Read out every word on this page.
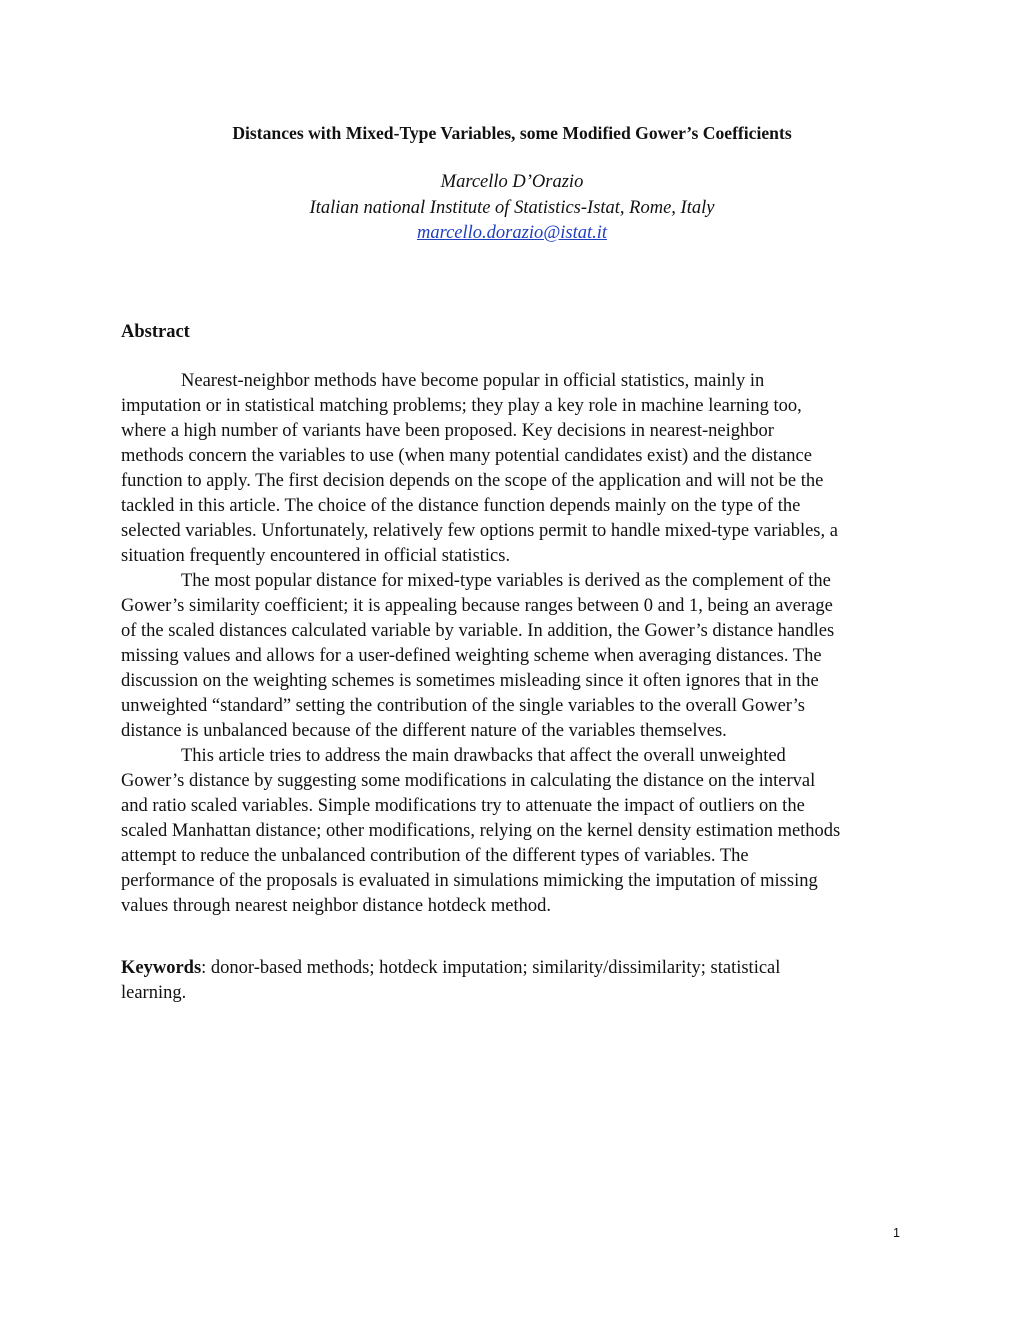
Distances with Mixed-Type Variables, some Modified Gower’s Coefficients
Marcello D’Orazio
Italian national Institute of Statistics-Istat, Rome, Italy
marcello.dorazio@istat.it
Abstract
Nearest-neighbor methods have become popular in official statistics, mainly in
imputation or in statistical matching problems; they play a key role in machine learning too,
where a high number of variants have been proposed. Key decisions in nearest-neighbor
methods concern the variables to use (when many potential candidates exist) and the distance
function to apply. The first decision depends on the scope of the application and will not be the
tackled in this article. The choice of the distance function depends mainly on the type of the
selected variables. Unfortunately, relatively few options permit to handle mixed-type variables, a
situation frequently encountered in official statistics.
The most popular distance for mixed-type variables is derived as the complement of the
Gower’s similarity coefficient; it is appealing because ranges between 0 and 1, being an average
of the scaled distances calculated variable by variable. In addition, the Gower’s distance handles
missing values and allows for a user-defined weighting scheme when averaging distances. The
discussion on the weighting schemes is sometimes misleading since it often ignores that in the
unweighted “standard” setting the contribution of the single variables to the overall Gower’s
distance is unbalanced because of the different nature of the variables themselves.
This article tries to address the main drawbacks that affect the overall unweighted
Gower’s distance by suggesting some modifications in calculating the distance on the interval
and ratio scaled variables. Simple modifications try to attenuate the impact of outliers on the
scaled Manhattan distance; other modifications, relying on the kernel density estimation methods
attempt to reduce the unbalanced contribution of the different types of variables. The
performance of the proposals is evaluated in simulations mimicking the imputation of missing
values through nearest neighbor distance hotdeck method.
Keywords: donor-based methods; hotdeck imputation; similarity/dissimilarity; statistical
learning.
1
